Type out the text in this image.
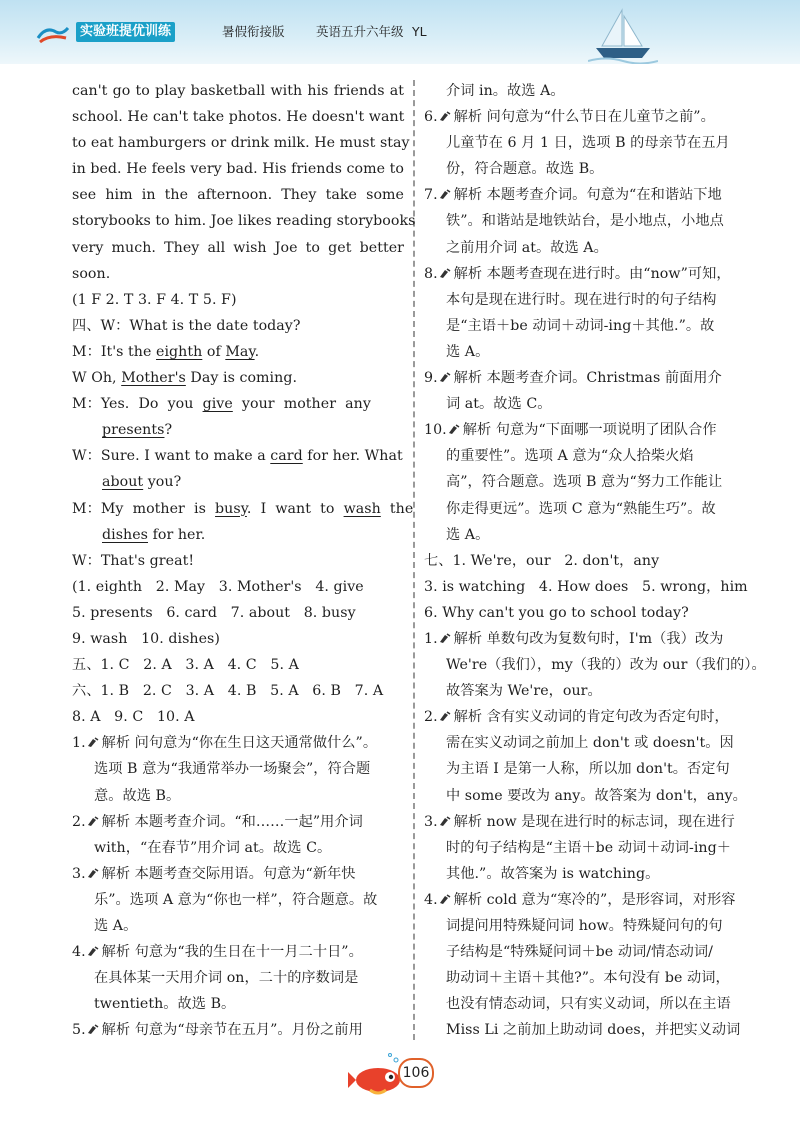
实验班提优训练	暑假衔接版	英语五升六年级 YL
can't go to play basketball with his friends at
school. He can't take photos. He doesn't want
to eat hamburgers or drink milk. He must stay
in bed. He feels very bad. His friends come to
see him in the afternoon. They take some
storybooks to him. Joe likes reading storybooks
very much. They all wish Joe to get better
soon.
(1 F 2. T 3. F 4. T 5. F)
四、W：What is the date today?
M：It's the eighth of May.
W Oh, Mother's Day is coming.
M：Yes.  Do  you  give  your  mother  any
presents?
W：Sure. I want to make a card for her. What
about you?
M：My  mother  is  busy.  I  want  to  wash  the
dishes for her.
W：That's great!
(1. eighth   2. May   3. Mother's   4. give
5. presents   6. card   7. about   8. busy
9. wash   10. dishes)
五、1. C   2. A   3. A   4. C   5. A
六、1. B   2. C   3. A   4. B   5. A   6. B   7. A
8. A   9. C   10. A
1. 解析 问句意为“你在生日这天通常做什么”。
选项 B 意为“我通常举办一场聚会”，符合题
意。故选 B。
2. 解析 本题考查介词。“和……一起”用介词
with，“在春节”用介词 at。故选 C。
3. 解析 本题考查交际用语。句意为“新年快
乐”。选项 A 意为“你也一样”，符合题意。故
选 A。
4. 解析 句意为“我的生日在十一月二十日”。
在具体某一天用介词 on，二十的序数词是
twentieth。故选 B。
5. 解析 句意为“母亲节在五月”。月份之前用
介词 in。故选 A。
6. 解析 问句意为“什么节日在儿童节之前”。
儿童节在 6 月 1 日，选项 B 的母亲节在五月
份，符合题意。故选 B。
7. 解析 本题考查介词。句意为“在和谐站下地
铁”。和谐站是地铁站台，是小地点，小地点
之前用介词 at。故选 A。
8. 解析 本题考查现在进行时。由“now”可知，
本句是现在进行时。现在进行时的句子结构
是“主语＋be 动词＋动词-ing＋其他.”。故
选 A。
9. 解析 本题考查介词。Christmas 前面用介
词 at。故选 C。
10. 解析 句意为“下面哪一项说明了团队合作
的重要性”。选项 A 意为“众人拾柴火焰
高”，符合题意。选项 B 意为“努力工作能让
你走得更远”。选项 C 意为“熟能生巧”。故
选 A。
七、1. We're，our   2. don't，any
3. is watching   4. How does   5. wrong，him
6. Why can't you go to school today?
1. 解析 单数句改为复数句时，I'm（我）改为
We're（我们），my（我的）改为 our（我们的）。
故答案为 We're，our。
2. 解析 含有实义动词的肯定句改为否定句时，
需在实义动词之前加上 don't 或 doesn't。因
为主语 I 是第一人称，所以加 don't。否定句
中 some 要改为 any。故答案为 don't，any。
3. 解析 now 是现在进行时的标志词，现在进行
时的句子结构是“主语＋be 动词＋动词-ing＋
其他.”。故答案为 is watching。
4. 解析 cold 意为“寒冷的”，是形容词，对形容
词提问用特殊疑问词 how。特殊疑问句的句
子结构是“特殊疑问词＋be 动词/情态动词/
助动词＋主语＋其他?”。本句没有 be 动词，
也没有情态动词，只有实义动词，所以在主语
Miss Li 之前加上助动词 does，并把实义动词
106
